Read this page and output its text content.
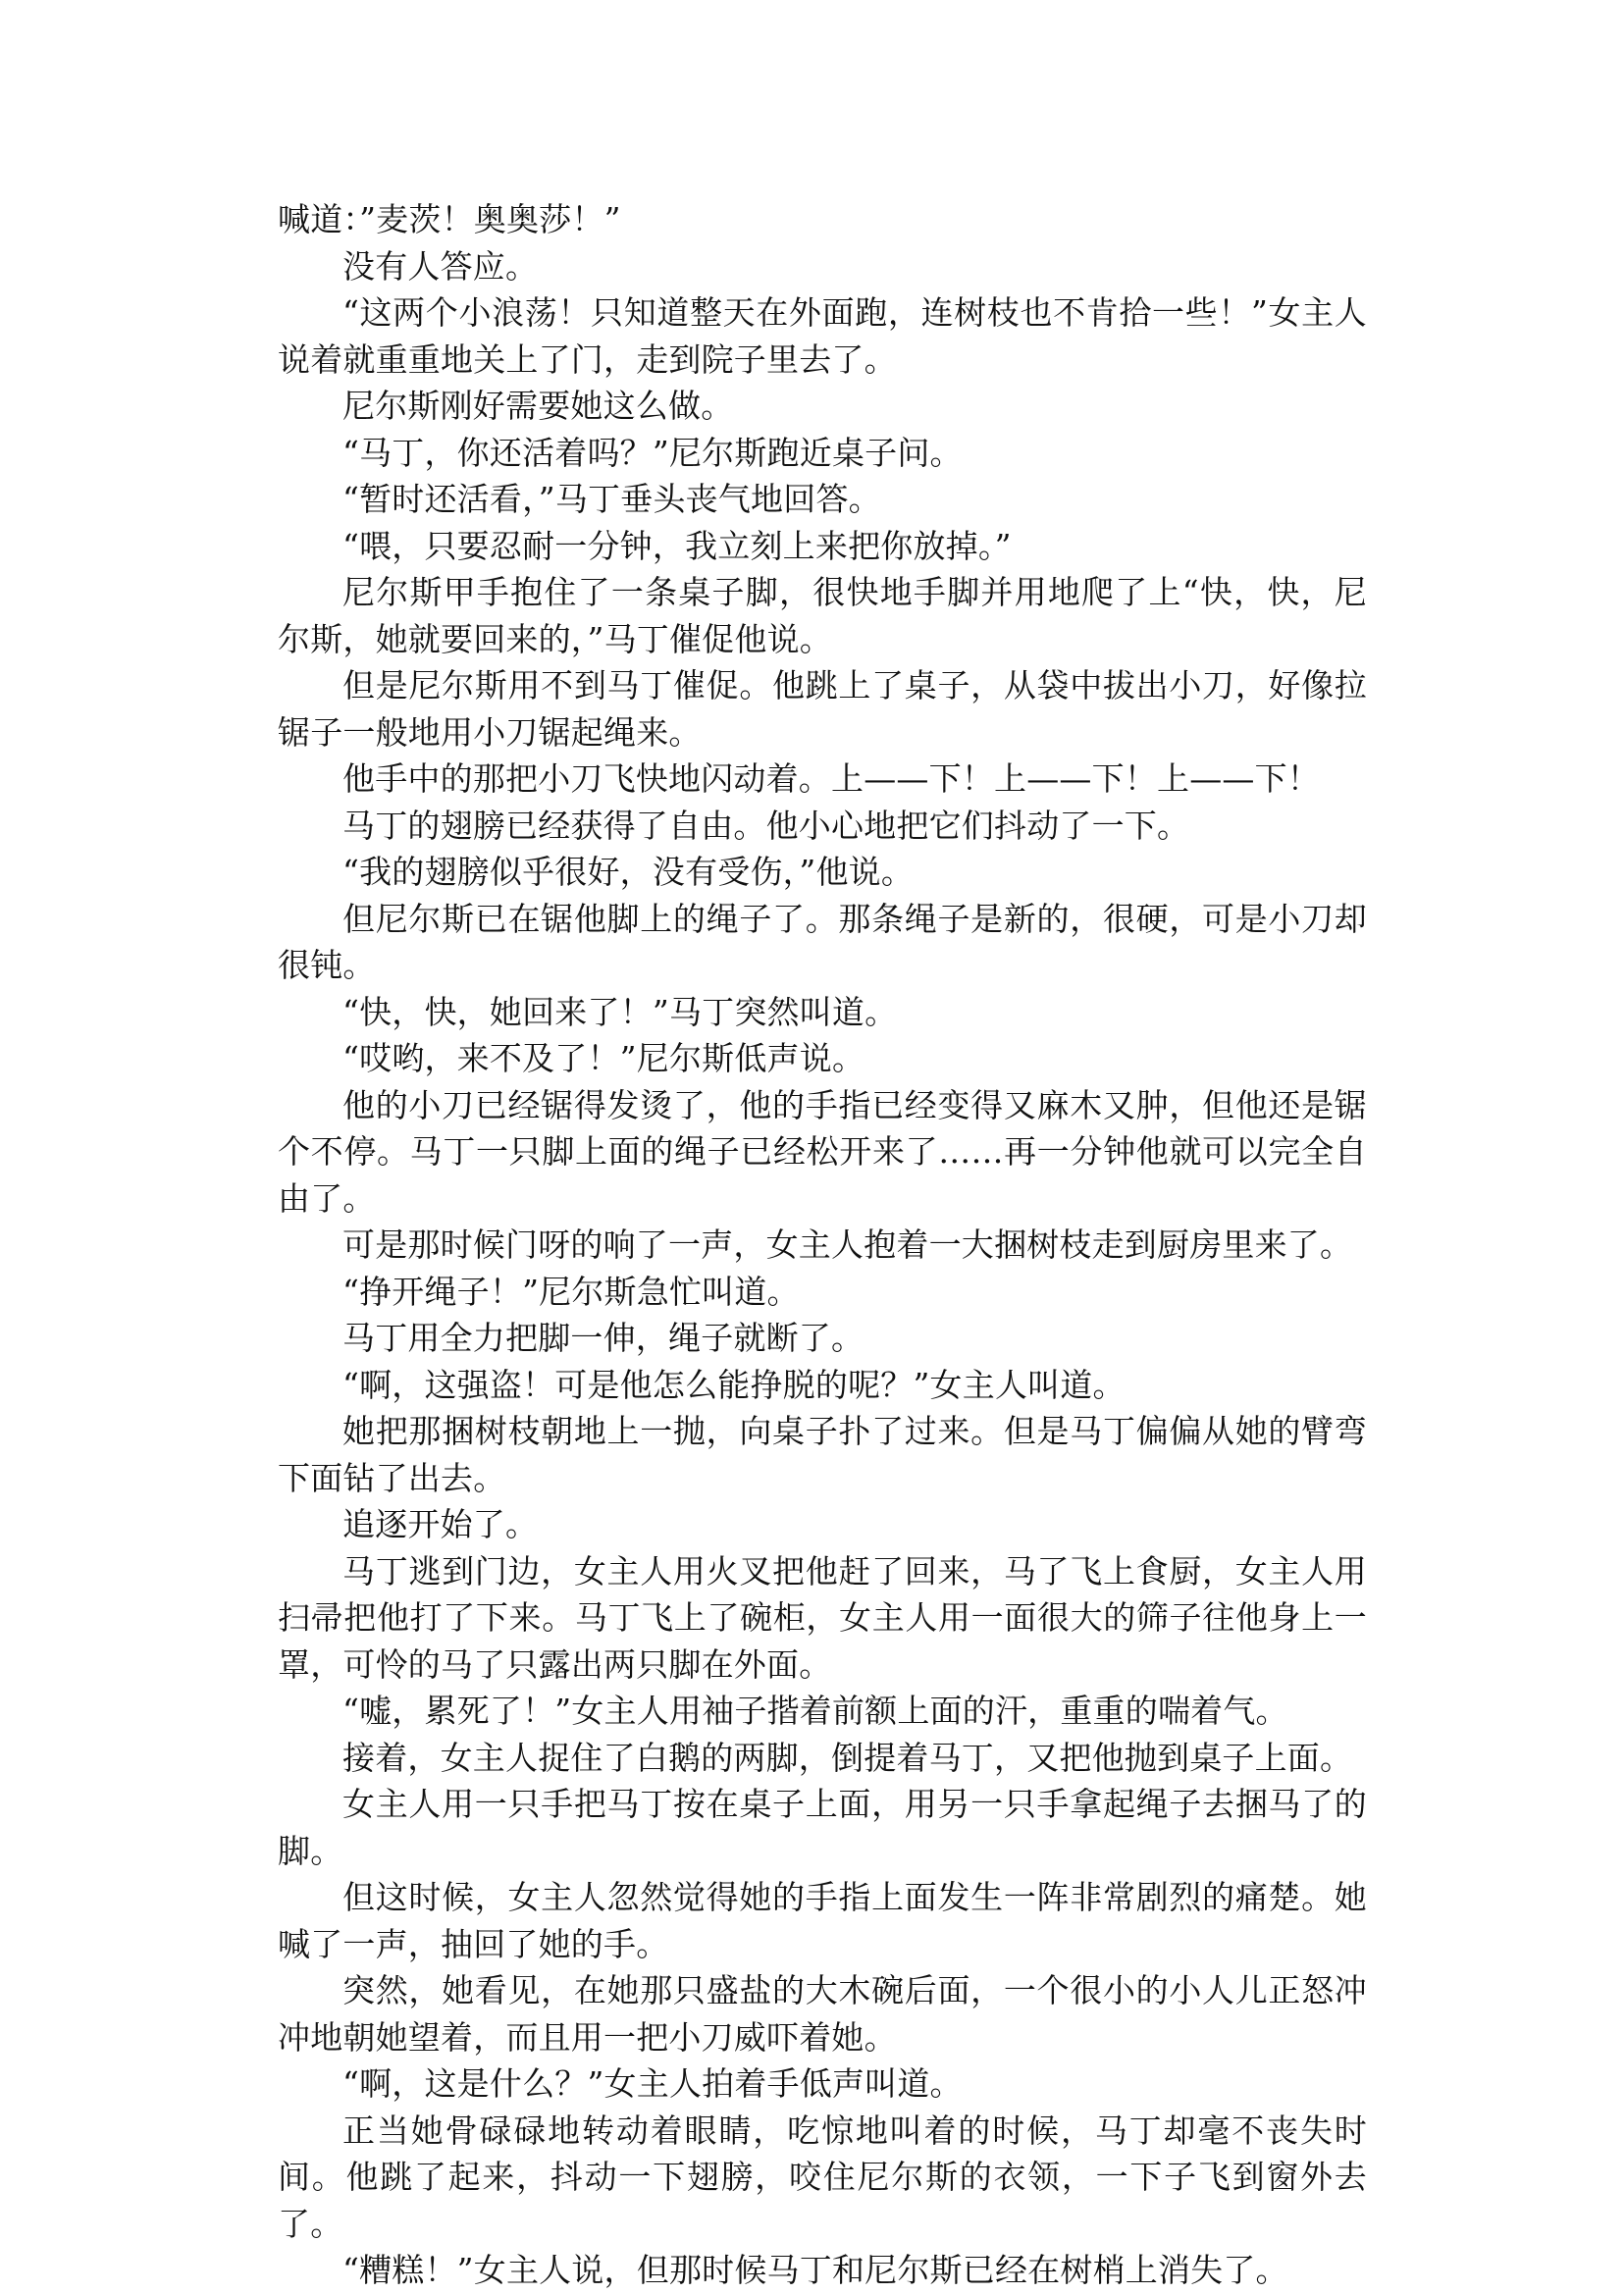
喊道：”麦茨！奥奥莎！”

没有人答应。

“这两个小浪荡！只知道整天在外面跑，连树枝也不肯拾一些！”女主人说着就重重地关上了门，走到院子里去了。

尼尔斯刚好需要她这么做。

“马丁，你还活着吗？”尼尔斯跑近桌子问。

“暂时还活看，”马丁垂头丧气地回答。

“喂，只要忍耐一分钟，我立刻上来把你放掉。”

尼尔斯甲手抱住了一条桌子脚，很快地手脚并用地爬了上“快，快，尼尔斯，她就要回来的，”马丁催促他说。

但是尼尔斯用不到马丁催促。他跳上了桌子，从袋中拔出小刀，好像拉锯子一般地用小刀锯起绳来。

他手中的那把小刀飞快地闪动着。上——下！上——下！上——下！

马丁的翅膀已经获得了自由。他小心地把它们抖动了一下。

“我的翅膀似乎很好，没有受伤，”他说。

但尼尔斯已在锯他脚上的绳子了。那条绳子是新的，很硬，可是小刀却很钝。

“快，快，她回来了！”马丁突然叫道。

“哎哟，来不及了！”尼尔斯低声说。

他的小刀已经锯得发烫了，他的手指已经变得又麻木又肿，但他还是锯个不停。马丁一只脚上面的绳子已经松开来了……再一分钟他就可以完全自由了。

可是那时候门呀的响了一声，女主人抱着一大捆树枝走到厨房里来了。

“挣开绳子！”尼尔斯急忙叫道。

马丁用全力把脚一伸，绳子就断了。

“啊，这强盗！可是他怎么能挣脱的呢？”女主人叫道。

她把那捆树枝朝地上一抛，向桌子扑了过来。但是马丁偏偏从她的臂弯下面钻了出去。

追逐开始了。

马丁逃到门边，女主人用火叉把他赶了回来，马了飞上食厨，女主人用扫帚把他打了下来。马丁飞上了碗柜，女主人用一面很大的筛子往他身上一罩，可怜的马了只露出两只脚在外面。

“嘘，累死了！”女主人用袖子揩着前额上面的汗，重重的喘着气。

接着，女主人捉住了白鹅的两脚，倒提着马丁，又把他抛到桌子上面。

女主人用一只手把马丁按在桌子上面，用另一只手拿起绳子去捆马了的脚。

但这时候，女主人忽然觉得她的手指上面发生一阵非常剧烈的痛楚。她喊了一声，抽回了她的手。

突然，她看见，在她那只盛盐的大木碗后面，一个很小的小人儿正怒冲冲地朝她望着，而且用一把小刀威吓着她。

“啊，这是什么？”女主人拍着手低声叫道。

正当她骨碌碌地转动着眼睛，吃惊地叫着的时候，马丁却毫不丧失时间。他跳了起来，抖动一下翅膀，咬住尼尔斯的衣领，一下子飞到窗外去了。

“糟糕！”女主人说，但那时候马丁和尼尔斯已经在树梢上消失了。
